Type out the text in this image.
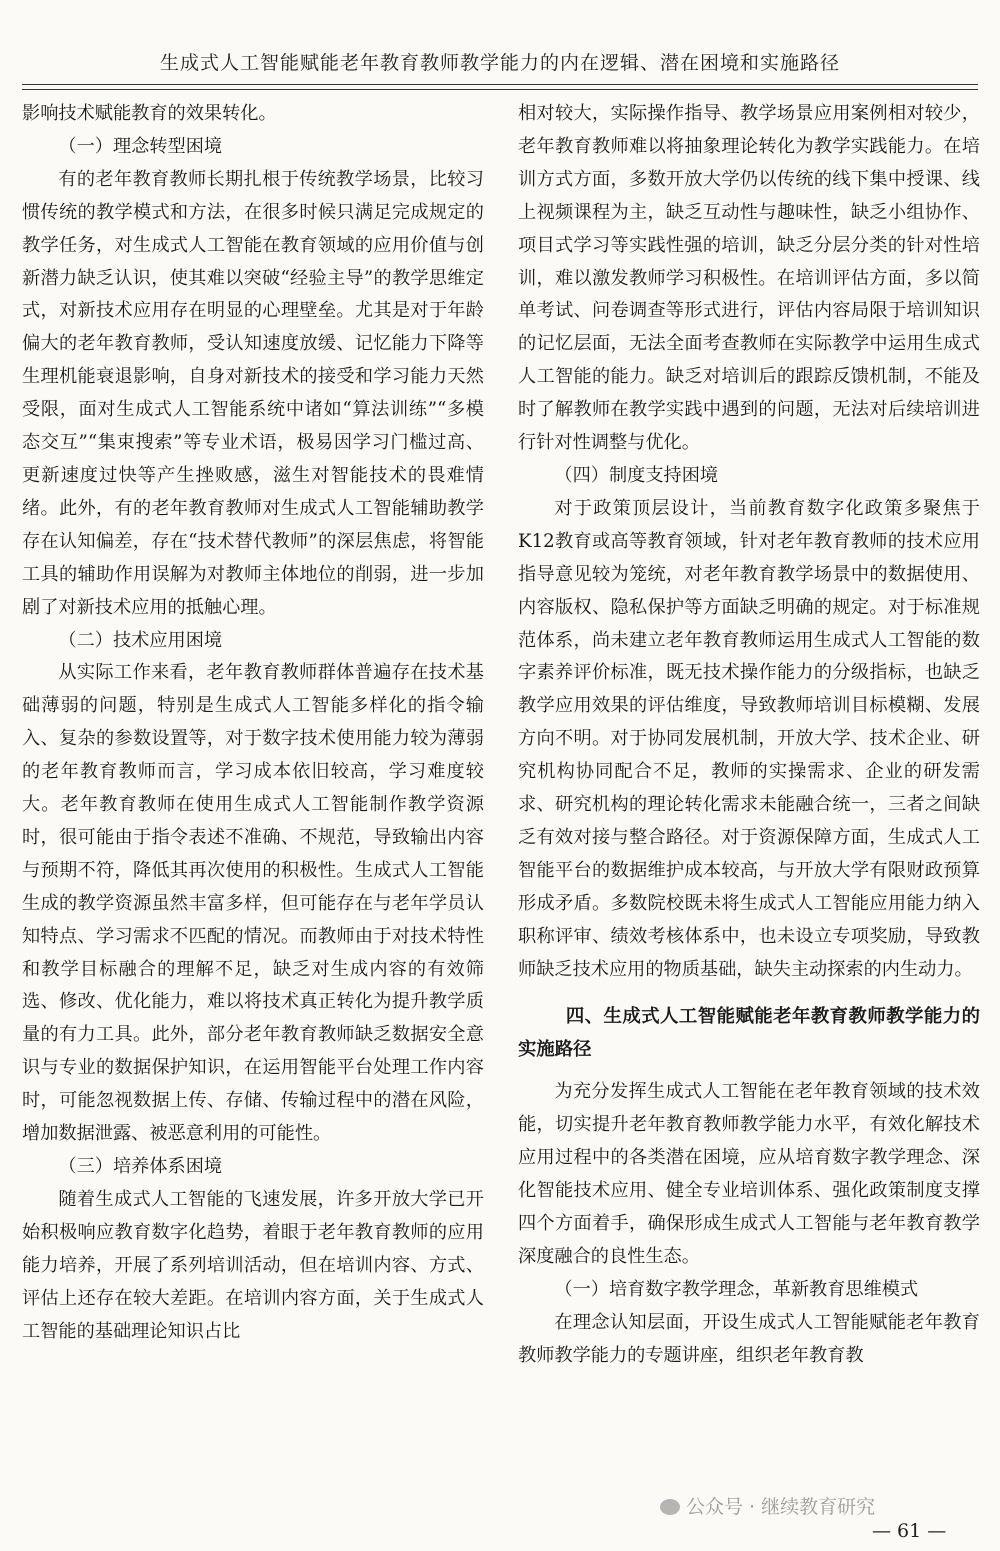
生成式人工智能赋能老年教育教师教学能力的内在逻辑、潜在困境和实施路径

影响技术赋能教育的效果转化。

（一）理念转型困境

有的老年教育教师长期扎根于传统教学场景，比较习惯传统的教学模式和方法，在很多时候只满足完成规定的教学任务，对生成式人工智能在教育领域的应用价值与创新潜力缺乏认识，使其难以突破“经验主导”的教学思维定式，对新技术应用存在明显的心理壁垒。尤其是对于年龄偏大的老年教育教师，受认知速度放缓、记忆能力下降等生理机能衰退影响，自身对新技术的接受和学习能力天然受限，面对生成式人工智能系统中诸如“算法训练”“多模态交互”“集束搜索”等专业术语，极易因学习门槛过高、更新速度过快等产生挫败感，滋生对智能技术的畏难情绪。此外，有的老年教育教师对生成式人工智能辅助教学存在认知偏差，存在“技术替代教师”的深层焦虑，将智能工具的辅助作用误解为对教师主体地位的削弱，进一步加剧了对新技术应用的抵触心理。

（二）技术应用困境

从实际工作来看，老年教育教师群体普遍存在技术基础薄弱的问题，特别是生成式人工智能多样化的指令输入、复杂的参数设置等，对于数字技术使用能力较为薄弱的老年教育教师而言，学习成本依旧较高，学习难度较大。老年教育教师在使用生成式人工智能制作教学资源时，很可能由于指令表述不准确、不规范，导致输出内容与预期不符，降低其再次使用的积极性。生成式人工智能生成的教学资源虽然丰富多样，但可能存在与老年学员认知特点、学习需求不匹配的情况。而教师由于对技术特性和教学目标融合的理解不足，缺乏对生成内容的有效筛选、修改、优化能力，难以将技术真正转化为提升教学质量的有力工具。此外，部分老年教育教师缺乏数据安全意识与专业的数据保护知识，在运用智能平台处理工作内容时，可能忽视数据上传、存储、传输过程中的潜在风险，增加数据泄露、被恶意利用的可能性。

（三）培养体系困境

随着生成式人工智能的飞速发展，许多开放大学已开始积极响应教育数字化趋势，着眼于老年教育教师的应用能力培养，开展了系列培训活动，但在培训内容、方式、评估上还存在较大差距。在培训内容方面，关于生成式人工智能的基础理论知识占比

相对较大，实际操作指导、教学场景应用案例相对较少，老年教育教师难以将抽象理论转化为教学实践能力。在培训方式方面，多数开放大学仍以传统的线下集中授课、线上视频课程为主，缺乏互动性与趣味性，缺乏小组协作、项目式学习等实践性强的培训，缺乏分层分类的针对性培训，难以激发教师学习积极性。在培训评估方面，多以简单考试、问卷调查等形式进行，评估内容局限于培训知识的记忆层面，无法全面考查教师在实际教学中运用生成式人工智能的能力。缺乏对培训后的跟踪反馈机制，不能及时了解教师在教学实践中遇到的问题，无法对后续培训进行针对性调整与优化。

（四）制度支持困境

对于政策顶层设计，当前教育数字化政策多聚焦于K12教育或高等教育领域，针对老年教育教师的技术应用指导意见较为笼统，对老年教育教学场景中的数据使用、内容版权、隐私保护等方面缺乏明确的规定。对于标准规范体系，尚未建立老年教育教师运用生成式人工智能的数字素养评价标准，既无技术操作能力的分级指标，也缺乏教学应用效果的评估维度，导致教师培训目标模糊、发展方向不明。对于协同发展机制，开放大学、技术企业、研究机构协同配合不足，教师的实操需求、企业的研发需求、研究机构的理论转化需求未能融合统一，三者之间缺乏有效对接与整合路径。对于资源保障方面，生成式人工智能平台的数据维护成本较高，与开放大学有限财政预算形成矛盾。多数院校既未将生成式人工智能应用能力纳入职称评审、绩效考核体系中，也未设立专项奖励，导致教师缺乏技术应用的物质基础，缺失主动探索的内生动力。

四、生成式人工智能赋能老年教育教师教学能力的实施路径

为充分发挥生成式人工智能在老年教育领域的技术效能，切实提升老年教育教师教学能力水平，有效化解技术应用过程中的各类潜在困境，应从培育数字教学理念、深化智能技术应用、健全专业培训体系、强化政策制度支撑四个方面着手，确保形成生成式人工智能与老年教育教学深度融合的良性生态。

（一）培育数字教学理念，革新教育思维模式

在理念认知层面，开设生成式人工智能赋能老年教育教师教学能力的专题讲座，组织老年教育教

公众号 · 继续教育研究
— 61 —
